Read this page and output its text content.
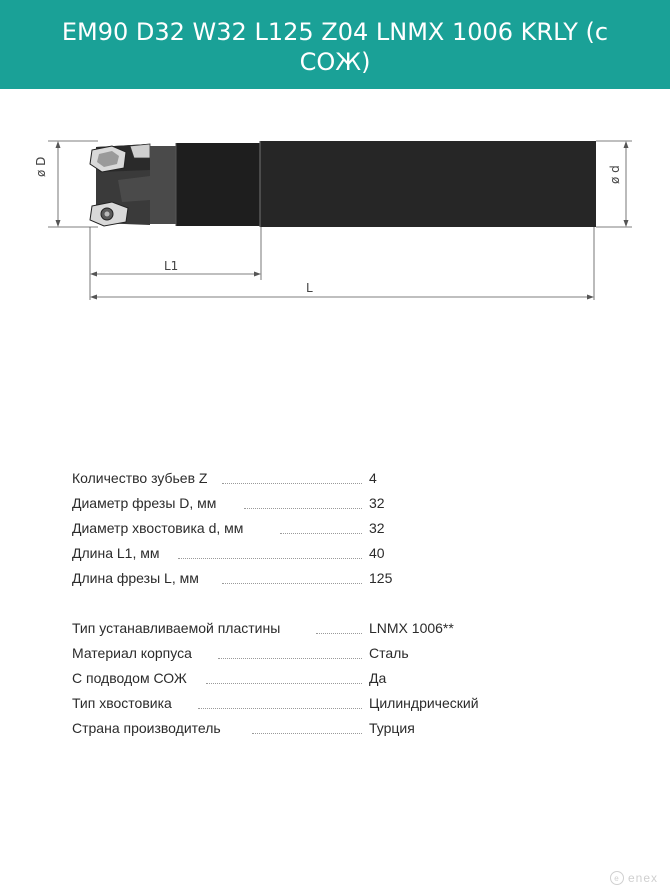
EM90 D32 W32 L125 Z04 LNMX 1006 KRLY (с
СОЖ)
ø D	ø d
L1
L
Количество зубьев Z	4
Диаметр фрезы D, мм	32
Диаметр хвостовика d, мм	32
Длина L1, мм	40
Длина фрезы L, мм	125
Тип устанавливаемой пластины	LNMX 1006**
Материал корпуса	Сталь
С подводом СОЖ	Да
Тип хвостовика	Цилиндрический
Страна производитель	Турция
e enex
